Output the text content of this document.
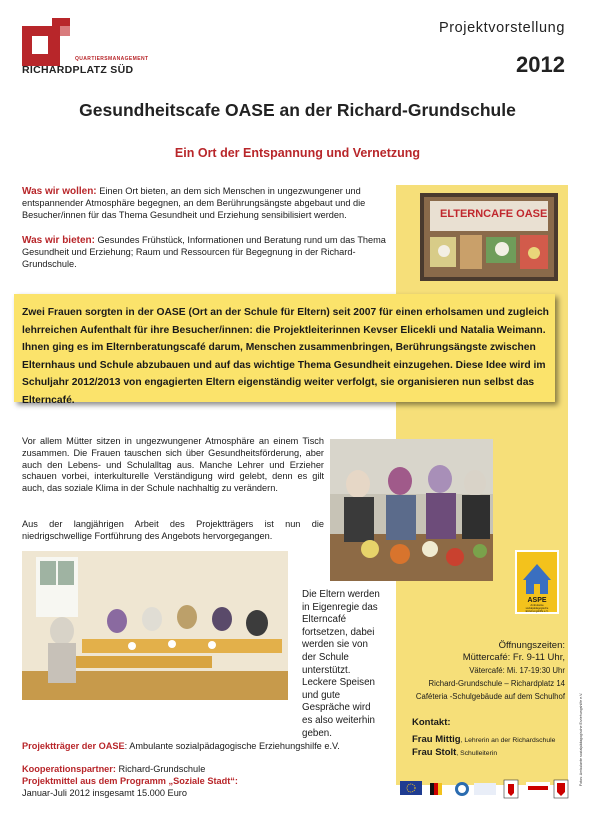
QUARTIERSMANAGEMENT
RICHARDPLATZ SÜD
Projektvorstellung
2012
Gesundheitscafe OASE an der Richard-Grundschule
Ein Ort der Entspannung und Vernetzung
Was wir wollen: Einen Ort bieten, an dem sich Menschen in ungezwungener und entspannender Atmosphäre begegnen, an dem Berührungsängste abgebaut und die Besucher/innen für das Thema Gesundheit und Erziehung sensibilisiert werden.
Was wir bieten: Gesundes Frühstück, Informationen und Beratung rund um das Thema Gesundheit und Erziehung; Raum und Ressourcen für Begegnung in der Richard-Grundschule.
ELTERNCAFE OASE
Zwei Frauen sorgten in der OASE (Ort an der Schule für Eltern) seit 2007 für einen erholsamen und zugleich lehrreichen Aufenthalt für ihre Besucher/innen: die Projektleiterinnen Kevser Elicekli und Natalia Weimann. Ihnen ging es im Elternberatungscafé darum, Menschen zusammenbringen, Berührungsängste zwischen Elternhaus und Schule abzubauen und auf das wichtige Thema Gesundheit einzugehen. Diese Idee wird im Schuljahr 2012/2013 von engagierten Eltern eigenständig weiter verfolgt, sie organisieren nun selbst das Elterncafé.
Vor allem Mütter sitzen in ungezwungener Atmosphäre an einem Tisch zusammen. Die Frauen tauschen sich über Gesundheitsförderung, aber auch den Lebens- und Schulalltag aus. Manche Lehrer und Erzieher schauen vorbei, interkulturelle Verständigung wird gelebt, denn es gilt auch, das soziale Klima in der Schule nachhaltig zu verändern.
Aus der langjährigen Arbeit des Projektträgers ist nun die niedrigschwellige Fortführung des Angebots hervorgegangen.
Die Eltern werden in Eigenregie das Elterncafé fortsetzen, dabei werden sie von der Schule unterstützt. Leckere Speisen und gute Gespräche wird es also weiterhin geben.
ASPE
Ambulante
sozialpädagogische
Erziehungshilfe e.V.
Öffnungszeiten:
Müttercafé: Fr. 9-11 Uhr,
Vätercafé: Mi. 17-19:30 Uhr
Richard-Grundschule – Richardplatz 14
Caféteria -Schulgebäude auf dem Schulhof
Kontakt:
Frau Mittig, Lehrerin an der Richardschule
Frau Stolt, Schulleiterin	Fotos: Ambulante sozialpädagogische Erziehungshilfe e.V.
Projektträger der OASE: Ambulante sozialpädagogische Erziehungshilfe e.V.
Kooperationspartner: Richard-Grundschule
Projektmittel aus dem Programm „Soziale Stadt“:
Januar-Juli 2012 insgesamt 15.000 Euro
